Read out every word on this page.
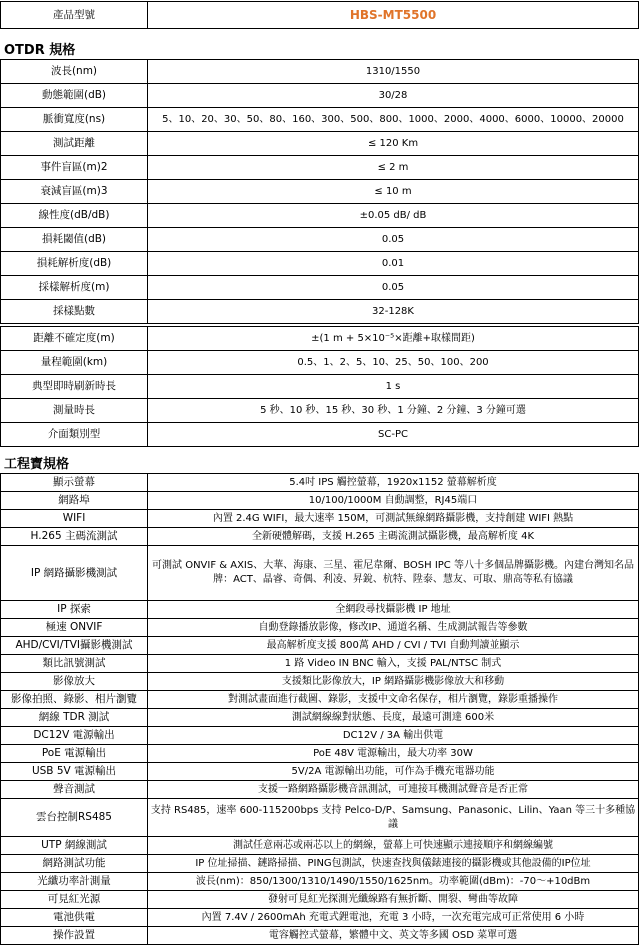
產品型號	HBS-MT5500
OTDR 規格
波長(nm)	1310/1550
動態範圍(dB)	30/28
脈衝寬度(ns)	5、10、20、30、50、80、160、300、500、800、1000、2000、4000、6000、10000、20000
測試距離	≤ 120 Km
事件盲區(m)2	≤ 2 m
衰減盲區(m)3	≤ 10 m
線性度(dB/dB)	±0.05 dB/ dB
損耗閾值(dB)	0.05
損耗解析度(dB)	0.01
採樣解析度(m)	0.05
採樣點數	32-128K
距離不確定度(m)	±(1 m + 5×10⁻⁵×距離+取樣間距)
量程範圍(km)	0.5、1、2、5、10、25、50、100、200
典型即時刷新時長	1 s
測量時長	5 秒、10 秒、15 秒、30 秒、1 分鐘、2 分鐘、3 分鐘可選
介面類別型	SC-PC
工程寶規格
顯示螢幕	5.4吋 IPS 觸控螢幕，1920x1152 螢幕解析度
網路埠	10/100/1000M 自動調整，RJ45端口
WIFI	內置 2.4G WIFI，最大速率 150M，可測試無線網路攝影機，支持創建 WIFI 熱點
H.265 主碼流測試	全新硬體解碼，支援 H.265 主碼流測試攝影機，最高解析度 4K
IP 網路攝影機測試	可測試 ONVIF & AXIS、大華、海康、三星、霍尼韋爾、BOSH IPC 等八十多個品牌攝影機。內建台灣知名品牌：ACT、晶睿、奇偶、利凌、昇銳、杭特、陞泰、慧友、可取、鼎高等私有協議
IP 探索	全網段尋找攝影機 IP 地址
極速 ONVIF	自動登錄播放影像，修改IP、通道名稱、生成測試報告等參數
AHD/CVI/TVI攝影機測試	最高解析度支援 800萬 AHD / CVI / TVI 自動判讀並顯示
類比訊號測試	1 路 Video IN BNC 輸入，支援 PAL/NTSC 制式
影像放大	支援類比影像放大，IP 網路攝影機影像放大和移動
影像拍照、錄影、相片瀏覽	對測試畫面進行截圖、錄影，支援中文命名保存，相片瀏覽，錄影重播操作
網線 TDR 測試	測試網線線對狀態、長度，最遠可測達 600米
DC12V 電源輸出	DC12V / 3A 輸出供電
PoE 電源輸出	PoE 48V 電源輸出，最大功率 30W
USB 5V 電源輸出	5V/2A 電源輸出功能，可作為手機充電器功能
聲音測試	支援一路網路攝影機音訊測試，可連接耳機測試聲音是否正常
雲台控制RS485	支持 RS485，速率 600-115200bps 支持 Pelco-D/P、Samsung、Panasonic、Lilin、Yaan 等三十多種協議
UTP 網線測試	測試任意兩芯或兩芯以上的網線，螢幕上可快速顯示連接順序和網線編號
網路測試功能	IP 位址掃描、鏈路掃描、PING包測試，快速查找與儀錶連接的攝影機或其他設備的IP位址
光纖功率計測量	波長(nm)：850/1300/1310/1490/1550/1625nm。功率範圍(dBm)：-70～+10dBm
可見紅光源	發射可見紅光探測光纖線路有無折斷、開裂、彎曲等故障
電池供電	內置 7.4V / 2600mAh 充電式鋰電池，充電 3 小時，一次充電完成可正常使用 6 小時
操作設置	電容觸控式螢幕，繁體中文、英文等多國 OSD 菜單可選
